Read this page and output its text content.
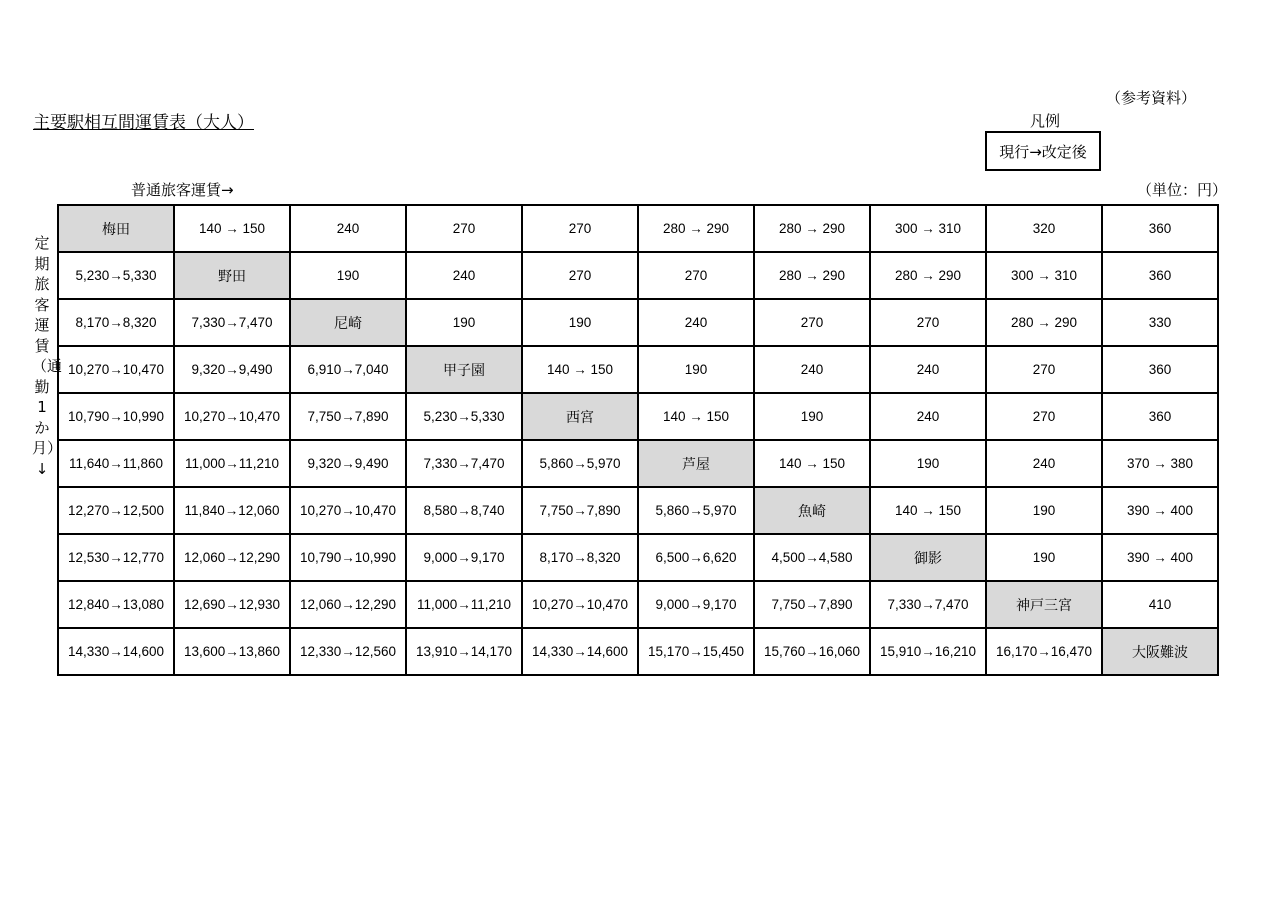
（参考資料）
主要駅相互間運賃表（大人）	凡例
現行→改定後
普通旅客運賃→	（単位：円）
定期旅客運賃（通勤 1か月）↓
梅田	140 → 150	240	270	270	280 → 290	280 → 290	300 → 310	320	360
5,230→5,330	野田	190	240	270	270	280 → 290	280 → 290	300 → 310	360
8,170→8,320	7,330→7,470	尼崎	190	190	240	270	270	280 → 290	330
10,270→10,470	9,320→9,490	6,910→7,040	甲子園	140 → 150	190	240	240	270	360
10,790→10,990	10,270→10,470	7,750→7,890	5,230→5,330	西宮	140 → 150	190	240	270	360
11,640→11,860	11,000→11,210	9,320→9,490	7,330→7,470	5,860→5,970	芦屋	140 → 150	190	240	370 → 380
12,270→12,500	11,840→12,060	10,270→10,470	8,580→8,740	7,750→7,890	5,860→5,970	魚崎	140 → 150	190	390 → 400
12,530→12,770	12,060→12,290	10,790→10,990	9,000→9,170	8,170→8,320	6,500→6,620	4,500→4,580	御影	190	390 → 400
12,840→13,080	12,690→12,930	12,060→12,290	11,000→11,210	10,270→10,470	9,000→9,170	7,750→7,890	7,330→7,470	神戸三宮	410
14,330→14,600	13,600→13,860	12,330→12,560	13,910→14,170	14,330→14,600	15,170→15,450	15,760→16,060	15,910→16,210	16,170→16,470	大阪難波
